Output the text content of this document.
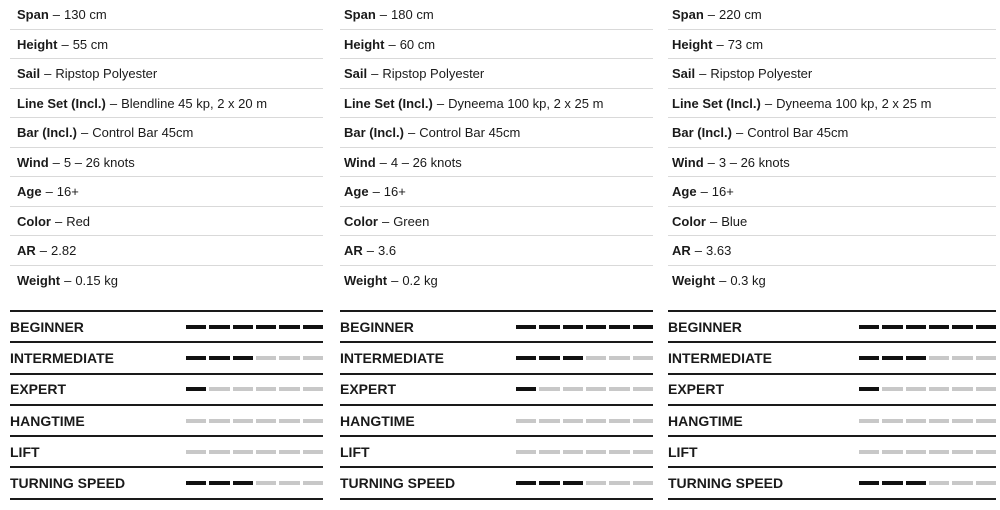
Span – 130 cm
Height – 55 cm
Sail – Ripstop Polyester
Line Set (Incl.) – Blendline 45 kp, 2 x 20 m
Bar (Incl.) – Control Bar 45cm
Wind – 5 – 26 knots
Age – 16+
Color – Red
AR – 2.82
Weight – 0.15 kg
BEGINNER
INTERMEDIATE
EXPERT
HANGTIME
LIFT
TURNING SPEED
Span – 180 cm
Height – 60 cm
Sail – Ripstop Polyester
Line Set (Incl.) – Dyneema 100 kp, 2 x 25 m
Bar (Incl.) – Control Bar 45cm
Wind – 4 – 26 knots
Age – 16+
Color – Green
AR – 3.6
Weight – 0.2 kg
BEGINNER
INTERMEDIATE
EXPERT
HANGTIME
LIFT
TURNING SPEED
Span – 220 cm
Height – 73 cm
Sail – Ripstop Polyester
Line Set (Incl.) – Dyneema 100 kp, 2 x 25 m
Bar (Incl.) – Control Bar 45cm
Wind – 3 – 26 knots
Age – 16+
Color – Blue
AR – 3.63
Weight – 0.3 kg
BEGINNER
INTERMEDIATE
EXPERT
HANGTIME
LIFT
TURNING SPEED
